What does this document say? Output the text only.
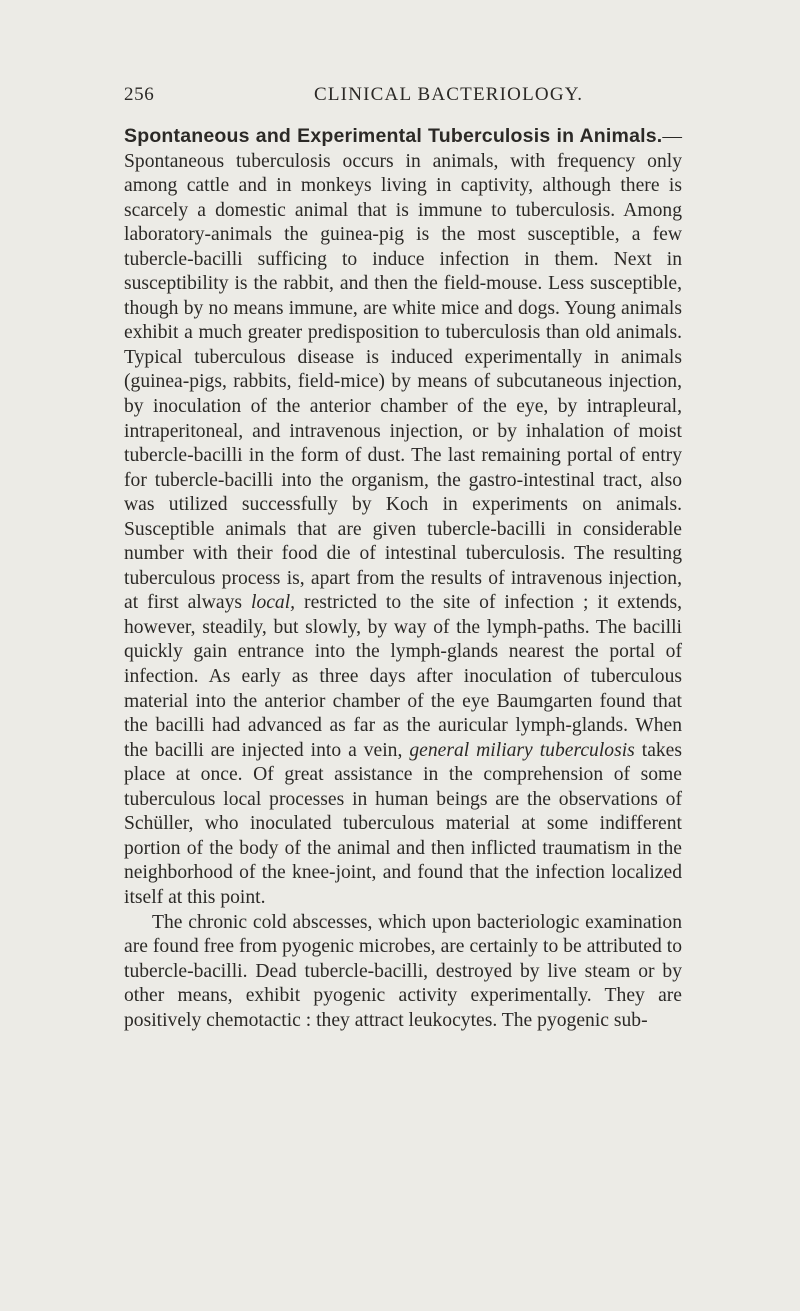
256	CLINICAL BACTERIOLOGY.

Spontaneous and Experimental Tuberculosis in Animals.—Spontaneous tuberculosis occurs in animals, with frequency only among cattle and in monkeys living in captivity, although there is scarcely a domestic animal that is immune to tuberculosis. Among laboratory-animals the guinea-pig is the most susceptible, a few tubercle-bacilli sufficing to induce infection in them. Next in susceptibility is the rabbit, and then the field-mouse. Less susceptible, though by no means immune, are white mice and dogs. Young animals exhibit a much greater predisposition to tuberculosis than old animals. Typical tuberculous disease is induced experimentally in animals (guinea-pigs, rabbits, field-mice) by means of subcutaneous injection, by inoculation of the anterior chamber of the eye, by intrapleural, intraperitoneal, and intravenous injection, or by inhalation of moist tubercle-bacilli in the form of dust. The last remaining portal of entry for tubercle-bacilli into the organism, the gastro-intestinal tract, also was utilized successfully by Koch in experiments on animals. Susceptible animals that are given tubercle-bacilli in considerable number with their food die of intestinal tuberculosis. The resulting tuberculous process is, apart from the results of intravenous injection, at first always local, restricted to the site of infection ; it extends, however, steadily, but slowly, by way of the lymph-paths. The bacilli quickly gain entrance into the lymph-glands nearest the portal of infection. As early as three days after inoculation of tuberculous material into the anterior chamber of the eye Baumgarten found that the bacilli had advanced as far as the auricular lymph-glands. When the bacilli are injected into a vein, general miliary tuberculosis takes place at once. Of great assistance in the comprehension of some tuberculous local processes in human beings are the observations of Schüller, who inoculated tuberculous material at some indifferent portion of the body of the animal and then inflicted traumatism in the neighborhood of the knee-joint, and found that the infection localized itself at this point.

The chronic cold abscesses, which upon bacteriologic examination are found free from pyogenic microbes, are certainly to be attributed to tubercle-bacilli. Dead tubercle-bacilli, destroyed by live steam or by other means, exhibit pyogenic activity experimentally. They are positively chemotactic : they attract leukocytes. The pyogenic sub-
